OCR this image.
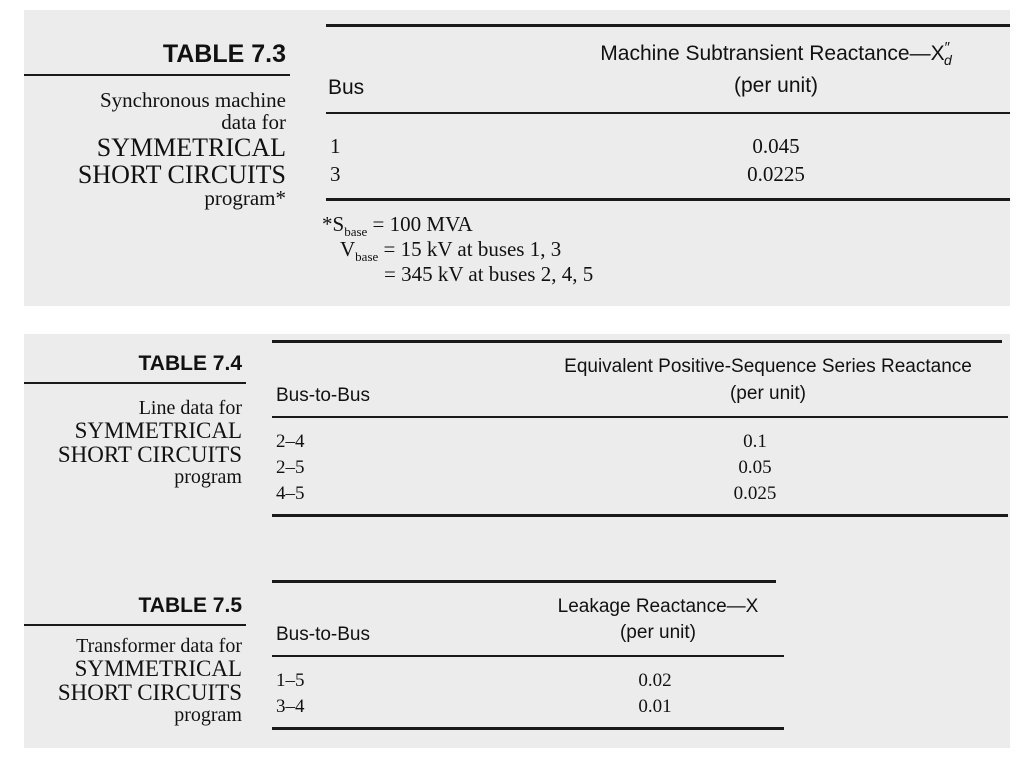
TABLE 7.3
Synchronous machine
data for
SYMMETRICAL
SHORT CIRCUITS
program*
Bus
Machine Subtransient $Reactance—X''_d$
(per unit)
1	0.045
3	0.0225
$*S_{base} = 100$ MVA
$V_{base} = 15$ kV at buses 1, 3
= 345 kV at buses 2, 4, 5
TABLE 7.4
Line data for
SYMMETRICAL
SHORT CIRCUITS
program
Bus-to-Bus
Equivalent Positive-Sequence Series Reactance
(per unit)
2–4	0.1
2–5	0.05
4–5	0.025
TABLE 7.5
Transformer data for
SYMMETRICAL
SHORT CIRCUITS
program
Bus-to-Bus
Leakage Reactance—X
(per unit)
1–5	0.02
3–4	0.01
